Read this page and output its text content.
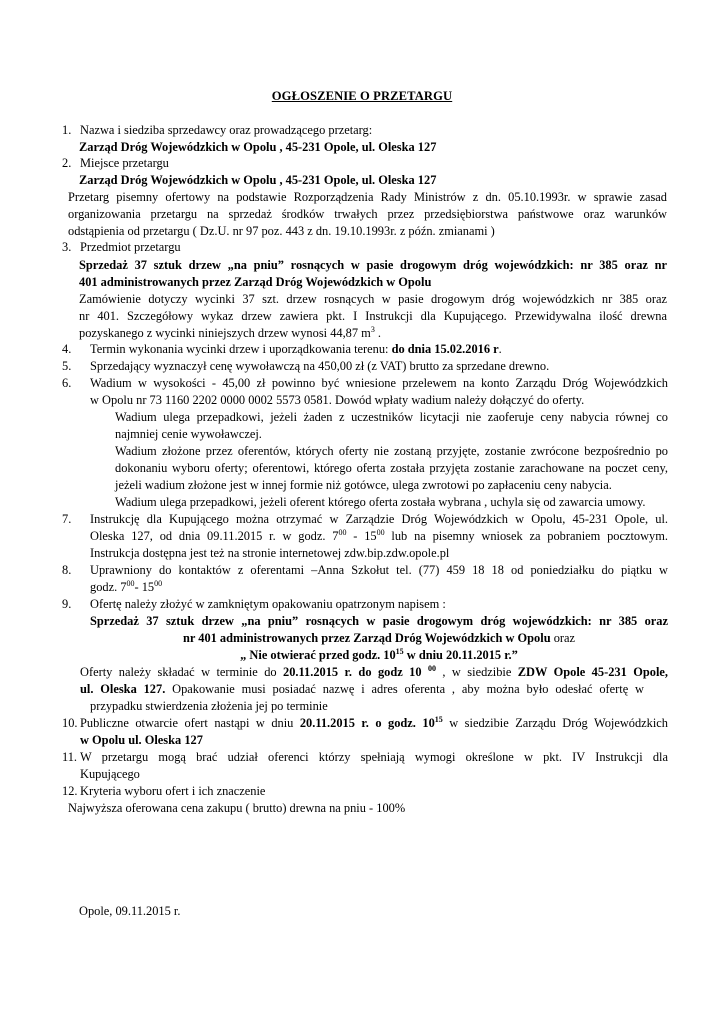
OGŁOSZENIE O PRZETARGU
1. Nazwa i siedziba sprzedawcy oraz prowadzącego przetarg:
Zarząd Dróg Wojewódzkich w Opolu , 45-231 Opole, ul. Oleska 127
2. Miejsce przetargu
Zarząd Dróg Wojewódzkich w Opolu , 45-231 Opole, ul. Oleska 127
Przetarg pisemny ofertowy na podstawie Rozporządzenia Rady Ministrów z dn. 05.10.1993r. w sprawie zasad
organizowania przetargu na sprzedaż środków trwałych przez przedsiębiorstwa państwowe oraz warunków
odstąpienia od przetargu ( Dz.U. nr 97 poz. 443 z dn. 19.10.1993r. z późn. zmianami )
3. Przedmiot przetargu
Sprzedaż 37 sztuk drzew „na pniu” rosnących w pasie drogowym dróg wojewódzkich: nr 385 oraz nr
401 administrowanych przez Zarząd Dróg Wojewódzkich w Opolu
Zamówienie dotyczy wycinki 37 szt. drzew rosnących w pasie drogowym dróg wojewódzkich nr 385 oraz
nr 401. Szczegółowy wykaz drzew zawiera pkt. I Instrukcji dla Kupującego. Przewidywalna ilość drewna
pozyskanego z wycinki niniejszych drzew wynosi 44,87 $m^3$ .
4. Termin wykonania wycinki drzew i uporządkowania terenu: do dnia 15.02.2016 r.
5. Sprzedający wyznaczył cenę wywoławczą na 450,00 zł (z VAT) brutto za sprzedane drewno.
6. Wadium w wysokości - 45,00 zł powinno być wniesione przelewem na konto Zarządu Dróg Wojewódzkich
w Opolu nr 73 1160 2202 0000 0002 5573 0581. Dowód wpłaty wadium należy dołączyć do oferty.
Wadium ulega przepadkowi, jeżeli żaden z uczestników licytacji nie zaoferuje ceny nabycia równej co
najmniej cenie wywoławczej.
Wadium złożone przez oferentów, których oferty nie zostaną przyjęte, zostanie zwrócone bezpośrednio po
dokonaniu wyboru oferty; oferentowi, którego oferta została przyjęta zostanie zarachowane na poczet ceny,
jeżeli wadium złożone jest w innej formie niż gotówce, ulega zwrotowi po zapłaceniu ceny nabycia.
Wadium ulega przepadkowi, jeżeli oferent którego oferta została wybrana , uchyla się od zawarcia umowy.
7. Instrukcję dla Kupującego można otrzymać w Zarządzie Dróg Wojewódzkich w Opolu, 45-231 Opole, ul.
Oleska 127, od dnia 09.11.2015 r. w godz. $7^{00} - 15^{00}$ lub na pisemny wniosek za pobraniem pocztowym.
Instrukcja dostępna jest też na stronie internetowej zdw.bip.zdw.opole.pl
8. Uprawniony do kontaktów z oferentami –Anna Szkołut tel. (77) 459 18 18 od poniedziałku do piątku w
godz. $7^{00}-$ $15^{00}$
9. Ofertę należy złożyć w zamkniętym opakowaniu opatrzonym napisem :
Sprzedaż 37 sztuk drzew „na pniu” rosnących w pasie drogowym dróg wojewódzkich: nr 385 oraz
nr 401 administrowanych przez Zarząd Dróg Wojewódzkich w Opolu oraz
„ Nie otwierać przed godz. $10^{15}$ w dniu 20.11.2015 r.”
Oferty należy składać w terminie do 20.11.2015 r. do godz 10 $^{00}$ , w siedzibie ZDW Opole 45-231 Opole,
ul. Oleska 127. Opakowanie musi posiadać nazwę i adres oferenta , aby można było odesłać ofertę w
przypadku stwierdzenia złożenia jej po terminie
10. Publiczne otwarcie ofert nastąpi w dniu 20.11.2015 r. o godz. $10^{15}$ w siedzibie Zarządu Dróg Wojewódzkich
w Opolu ul. Oleska 127
11. W przetargu mogą brać udział oferenci którzy spełniają wymogi określone w pkt. IV Instrukcji dla
Kupującego
12. Kryteria wyboru ofert i ich znaczenie
Najwyższa oferowana cena zakupu ( brutto) drewna na pniu - 100%
Opole, 09.11.2015 r.
